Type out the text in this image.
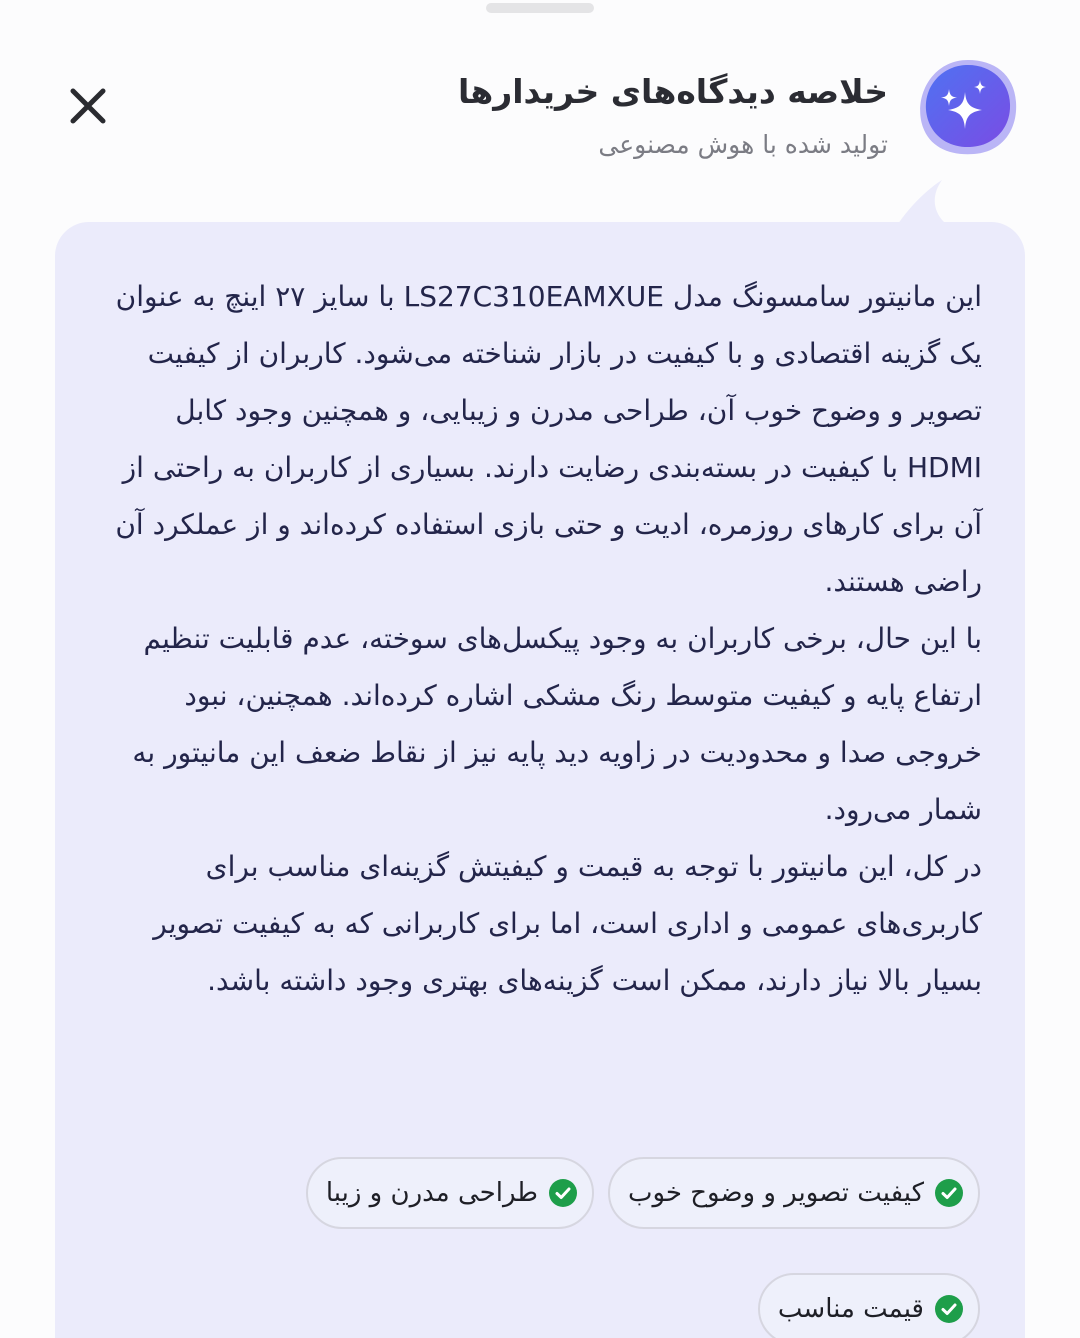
خلاصه دیدگاه‌های خریدارها
تولید شده با هوش مصنوعی

این مانیتور سامسونگ مدل LS27C310EAMXUE با سایز ۲۷ اینچ به عنوان یک گزینه اقتصادی و با کیفیت در بازار شناخته می‌شود. کاربران از کیفیت تصویر و وضوح خوب آن، طراحی مدرن و زیبایی، و همچنین وجود کابل HDMI با کیفیت در بسته‌بندی رضایت دارند. بسیاری از کاربران به راحتی از آن برای کارهای روزمره، ادیت و حتی بازی استفاده کرده‌اند و از عملکرد آن راضی هستند.

با این حال، برخی کاربران به وجود پیکسل‌های سوخته، عدم قابلیت تنظیم ارتفاع پایه و کیفیت متوسط رنگ مشکی اشاره کرده‌اند. همچنین، نبود خروجی صدا و محدودیت در زاویه دید پایه نیز از نقاط ضعف این مانیتور به شمار می‌رود.

در کل، این مانیتور با توجه به قیمت و کیفیتش گزینه‌ای مناسب برای کاربری‌های عمومی و اداری است، اما برای کاربرانی که به کیفیت تصویر بسیار بالا نیاز دارند، ممکن است گزینه‌های بهتری وجود داشته باشد.

کیفیت تصویر و وضوح خوب
طراحی مدرن و زیبا
قیمت مناسب
